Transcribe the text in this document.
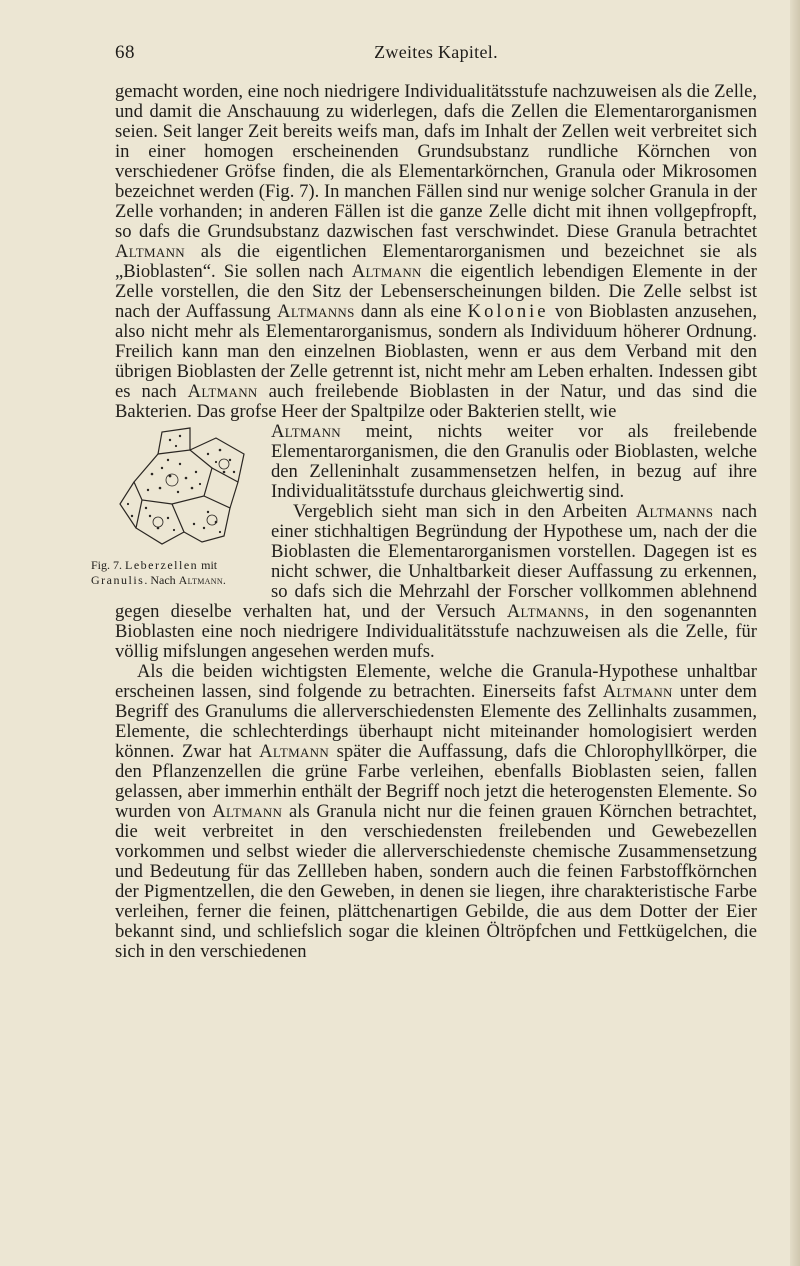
68	Zweites Kapitel.

gemacht worden, eine noch niedrigere Individualitätsstufe nachzuweisen als die Zelle, und damit die Anschauung zu widerlegen, dafs die Zellen die Elementarorganismen seien. Seit langer Zeit bereits weifs man, dafs im Inhalt der Zellen weit verbreitet sich in einer homogen erscheinenden Grundsubstanz rundliche Körnchen von verschiedener Gröfse finden, die als Elementarkörnchen, Granula oder Mikrosomen bezeichnet werden (Fig. 7). In manchen Fällen sind nur wenige solcher Granula in der Zelle vorhanden; in anderen Fällen ist die ganze Zelle dicht mit ihnen vollgepfropft, so dafs die Grundsubstanz dazwischen fast verschwindet. Diese Granula betrachtet Altmann als die eigentlichen Elementarorganismen und bezeichnet sie als „Bioblasten“. Sie sollen nach Altmann die eigentlich lebendigen Elemente in der Zelle vorstellen, die den Sitz der Lebenserscheinungen bilden. Die Zelle selbst ist nach der Auffassung Altmanns dann als eine Kolonie von Bioblasten anzusehen, also nicht mehr als Elementarorganismus, sondern als Individuum höherer Ordnung. Freilich kann man den einzelnen Bioblasten, wenn er aus dem Verband mit den übrigen Bioblasten der Zelle getrennt ist, nicht mehr am Leben erhalten. Indessen gibt es nach Altmann auch freilebende Bioblasten in der Natur, und das sind die Bakterien. Das grofse Heer der Spaltpilze oder Bakterien stellt, wie

Fig. 7. Leberzellen mit Granulis. Nach Altmann.
Altmann meint, nichts weiter vor als freilebende Elementarorganismen, die den Granulis oder Bioblasten, welche den Zelleninhalt zusammensetzen helfen, in bezug auf ihre Individualitätsstufe durchaus gleichwertig sind.

Vergeblich sieht man sich in den Arbeiten Altmanns nach einer stichhaltigen Begründung der Hypothese um, nach der die Bioblasten die Elementarorganismen vorstellen. Dagegen ist es nicht schwer, die Unhaltbarkeit dieser Auffassung zu erkennen, so dafs sich die Mehrzahl der Forscher vollkommen ablehnend gegen dieselbe verhalten hat, und der Versuch Altmanns, in den sogenannten Bioblasten eine noch niedrigere Individualitätsstufe nachzuweisen als die Zelle, für völlig mifslungen angesehen werden mufs.

Als die beiden wichtigsten Elemente, welche die Granula-Hypothese unhaltbar erscheinen lassen, sind folgende zu betrachten. Einerseits fafst Altmann unter dem Begriff des Granulums die allerverschiedensten Elemente des Zellinhalts zusammen, Elemente, die schlechterdings überhaupt nicht miteinander homologisiert werden können. Zwar hat Altmann später die Auffassung, dafs die Chlorophyllkörper, die den Pflanzenzellen die grüne Farbe verleihen, ebenfalls Bioblasten seien, fallen gelassen, aber immerhin enthält der Begriff noch jetzt die heterogensten Elemente. So wurden von Altmann als Granula nicht nur die feinen grauen Körnchen betrachtet, die weit verbreitet in den verschiedensten freilebenden und Gewebezellen vorkommen und selbst wieder die allerverschiedenste chemische Zusammensetzung und Bedeutung für das Zellleben haben, sondern auch die feinen Farbstoffkörnchen der Pigmentzellen, die den Geweben, in denen sie liegen, ihre charakteristische Farbe verleihen, ferner die feinen, plättchenartigen Gebilde, die aus dem Dotter der Eier bekannt sind, und schliefslich sogar die kleinen Öltröpfchen und Fettkügelchen, die sich in den verschiedenen
